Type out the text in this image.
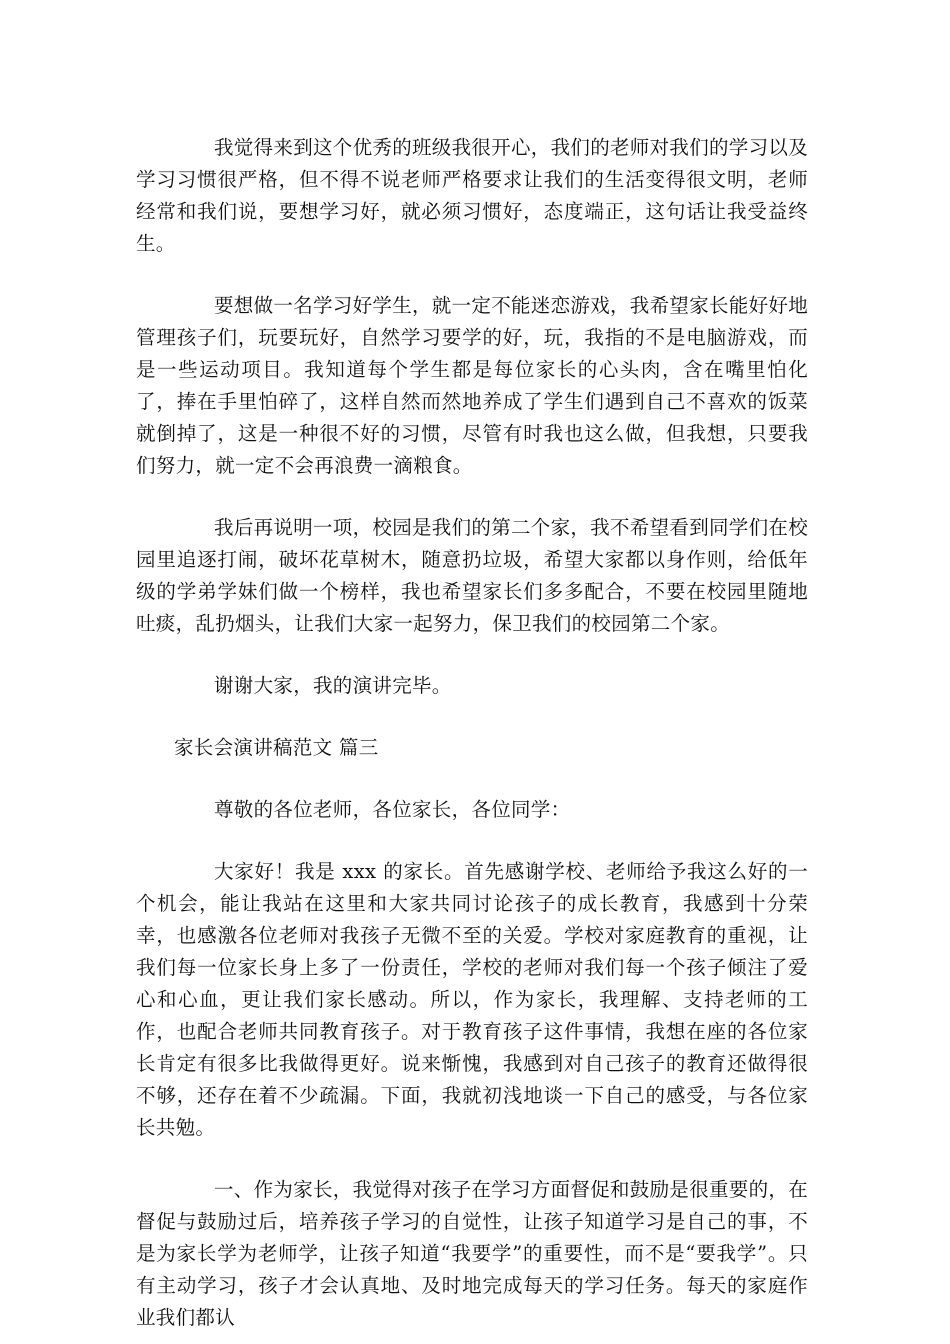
我觉得来到这个优秀的班级我很开心，我们的老师对我们的学习以及学习习惯很严格，但不得不说老师严格要求让我们的生活变得很文明，老师经常和我们说，要想学习好，就必须习惯好，态度端正，这句话让我受益终生。

要想做一名学习好学生，就一定不能迷恋游戏，我希望家长能好好地管理孩子们，玩要玩好，自然学习要学的好，玩，我指的不是电脑游戏，而是一些运动项目。我知道每个学生都是每位家长的心头肉，含在嘴里怕化了，捧在手里怕碎了，这样自然而然地养成了学生们遇到自己不喜欢的饭菜就倒掉了，这是一种很不好的习惯，尽管有时我也这么做，但我想，只要我们努力，就一定不会再浪费一滴粮食。

我后再说明一项，校园是我们的第二个家，我不希望看到同学们在校园里追逐打闹，破坏花草树木，随意扔垃圾，希望大家都以身作则，给低年级的学弟学妹们做一个榜样，我也希望家长们多多配合，不要在校园里随地吐痰，乱扔烟头，让我们大家一起努力，保卫我们的校园第二个家。

谢谢大家，我的演讲完毕。

家长会演讲稿范文 篇三

尊敬的各位老师，各位家长，各位同学：

大家好！我是 xxx 的家长。首先感谢学校、老师给予我这么好的一个机会，能让我站在这里和大家共同讨论孩子的成长教育，我感到十分荣幸，也感激各位老师对我孩子无微不至的关爱。学校对家庭教育的重视，让我们每一位家长身上多了一份责任，学校的老师对我们每一个孩子倾注了爱心和心血，更让我们家长感动。所以，作为家长，我理解、支持老师的工作，也配合老师共同教育孩子。对于教育孩子这件事情，我想在座的各位家长肯定有很多比我做得更好。说来惭愧，我感到对自己孩子的教育还做得很不够，还存在着不少疏漏。下面，我就初浅地谈一下自己的感受，与各位家长共勉。

一、作为家长，我觉得对孩子在学习方面督促和鼓励是很重要的，在督促与鼓励过后，培养孩子学习的自觉性，让孩子知道学习是自己的事，不是为家长学为老师学，让孩子知道“我要学”的重要性，而不是“要我学”。只有主动学习，孩子才会认真地、及时地完成每天的学习任务。每天的家庭作业我们都认
